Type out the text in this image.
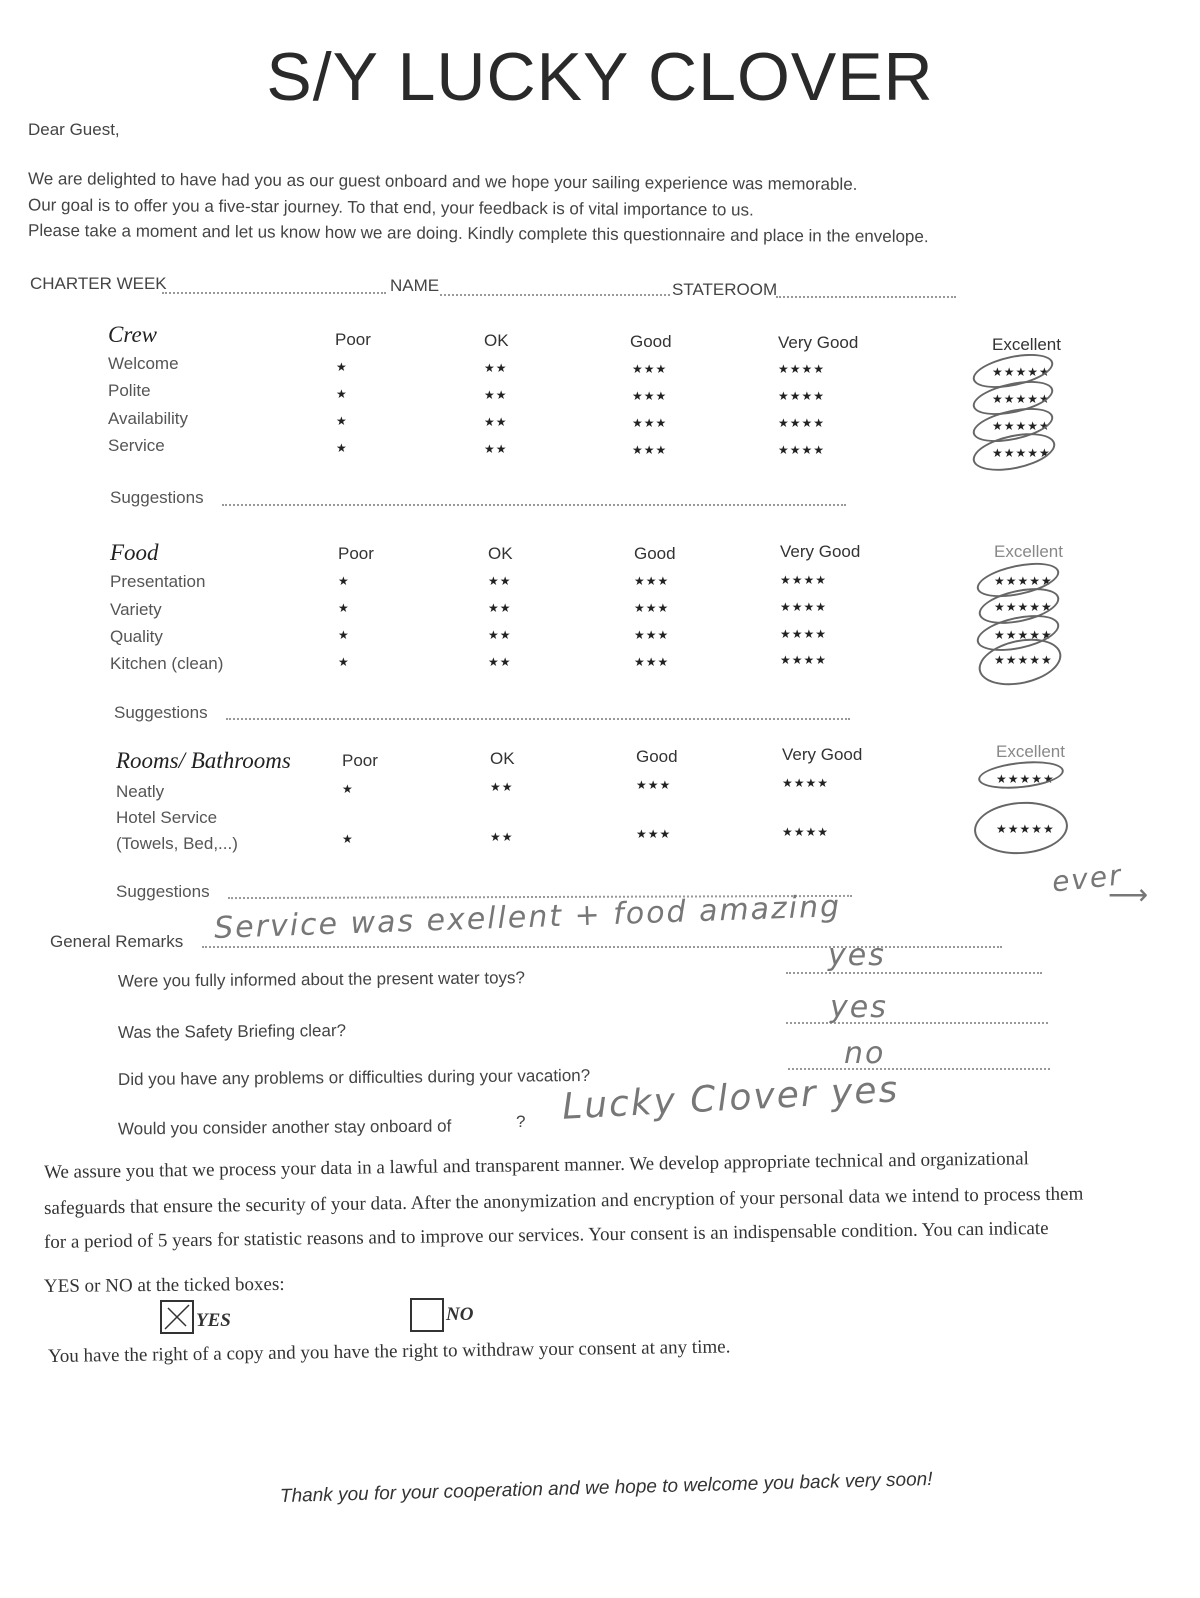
S/Y LUCKY CLOVER
Dear Guest,
We are delighted to have had you as our guest onboard and we hope your sailing experience was memorable.
Our goal is to offer you a five-star journey. To that end, your feedback is of vital importance to us.
Please take a moment and let us know how we are doing. Kindly complete this questionnaire and place in the envelope.
CHARTER WEEK	NAME	STATEROOM
Crew	Poor	OK	Good	Very Good	Excellent
Welcome	★	★★	★★★	★★★★	★★★★★
Polite	★	★★	★★★	★★★★	★★★★★
Availability	★	★★	★★★	★★★★	★★★★★
Service	★	★★	★★★	★★★★	★★★★★
Suggestions
Food	Poor	OK	Good	Very Good	Excellent
Presentation	★	★★	★★★	★★★★	★★★★★
Variety	★	★★	★★★	★★★★	★★★★★
Quality	★	★★	★★★	★★★★	★★★★★
Kitchen (clean)	★	★★	★★★	★★★★	★★★★★
Suggestions
Rooms/ Bathrooms	Poor	OK	Good	Very Good	Excellent
Neatly	★	★★	★★★	★★★★	★★★★★
Hotel Service
(Towels, Bed,...)	★	★★	★★★	★★★★	★★★★★
Suggestions
General Remarks Service was exellent + food amazing
ever
⟶
Were you fully informed about the present water toys?
yes
Was the Safety Briefing clear?
yes
Did you have any problems or difficulties during your vacation?
no
Would you consider another stay onboard of	? Lucky Clover yes
We assure you that we process your data in a lawful and transparent manner. We develop appropriate technical and organizational
safeguards that ensure the security of your data. After the anonymization and encryption of your personal data we intend to process them
for a period of 5 years for statistic reasons and to improve our services. Your consent is an indispensable condition. You can indicate
YES or NO at the ticked boxes:
YES	NO
You have the right of a copy and you have the right to withdraw your consent at any time.
Thank you for your cooperation and we hope to welcome you back very soon!
